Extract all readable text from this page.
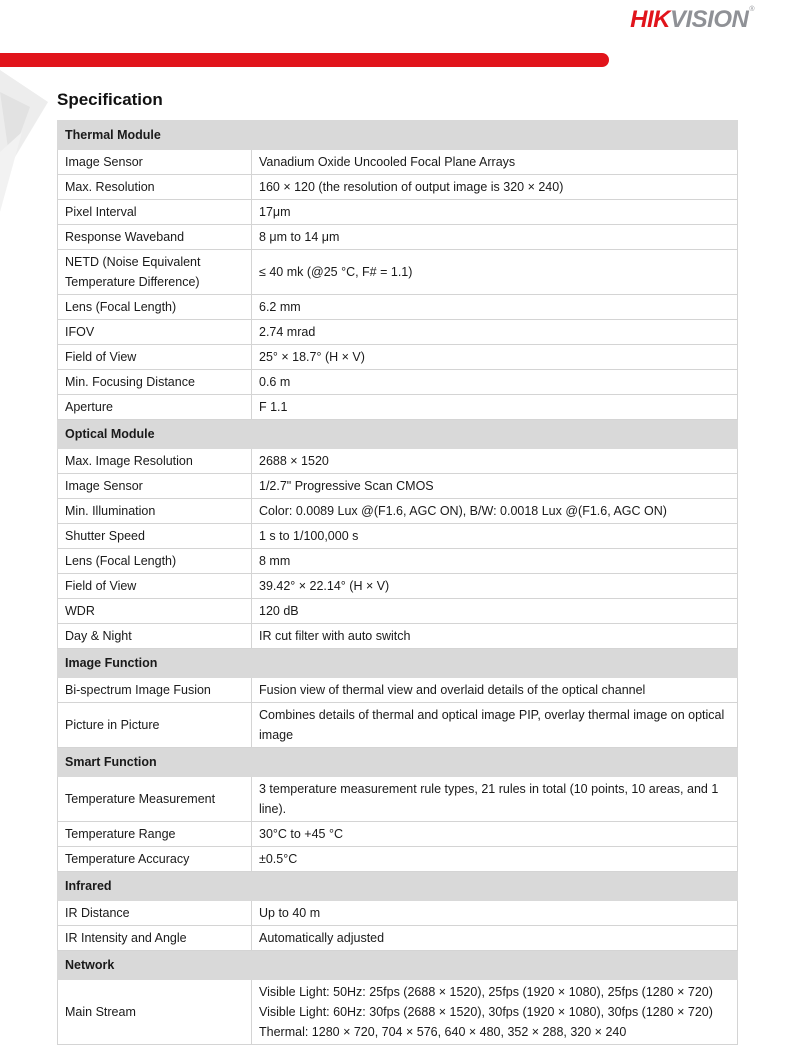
HIKVISION®
Specification
Thermal Module	
Image Sensor	Vanadium Oxide Uncooled Focal Plane Arrays
Max. Resolution	160 × 120 (the resolution of output image is 320 × 240)
Pixel Interval	17μm
Response Waveband	8 μm to 14 μm
NETD (Noise Equivalent Temperature Difference)	≤ 40 mk (@25 °C, F# = 1.1)
Lens (Focal Length)	6.2 mm
IFOV	2.74 mrad
Field of View	25° × 18.7° (H × V)
Min. Focusing Distance	0.6 m
Aperture	F 1.1
Optical Module	
Max. Image Resolution	2688 × 1520
Image Sensor	1/2.7" Progressive Scan CMOS
Min. Illumination	Color: 0.0089 Lux @(F1.6, AGC ON), B/W: 0.0018 Lux @(F1.6, AGC ON)
Shutter Speed	1 s to 1/100,000 s
Lens (Focal Length)	8 mm
Field of View	39.42° × 22.14° (H × V)
WDR	120 dB
Day & Night	IR cut filter with auto switch
Image Function	
Bi-spectrum Image Fusion	Fusion view of thermal view and overlaid details of the optical channel
Picture in Picture	Combines details of thermal and optical image PIP, overlay thermal image on optical image
Smart Function	
Temperature Measurement	3 temperature measurement rule types, 21 rules in total (10 points, 10 areas, and 1 line).
Temperature Range	30°C to +45 °C
Temperature Accuracy	±0.5°C
Infrared	
IR Distance	Up to 40 m
IR Intensity and Angle	Automatically adjusted
Network	
Main Stream	Visible Light: 50Hz: 25fps (2688 × 1520), 25fps (1920 × 1080), 25fps (1280 × 720)
Visible Light: 60Hz: 30fps (2688 × 1520), 30fps (1920 × 1080), 30fps (1280 × 720)
Thermal: 1280 × 720, 704 × 576, 640 × 480, 352 × 288, 320 × 240
